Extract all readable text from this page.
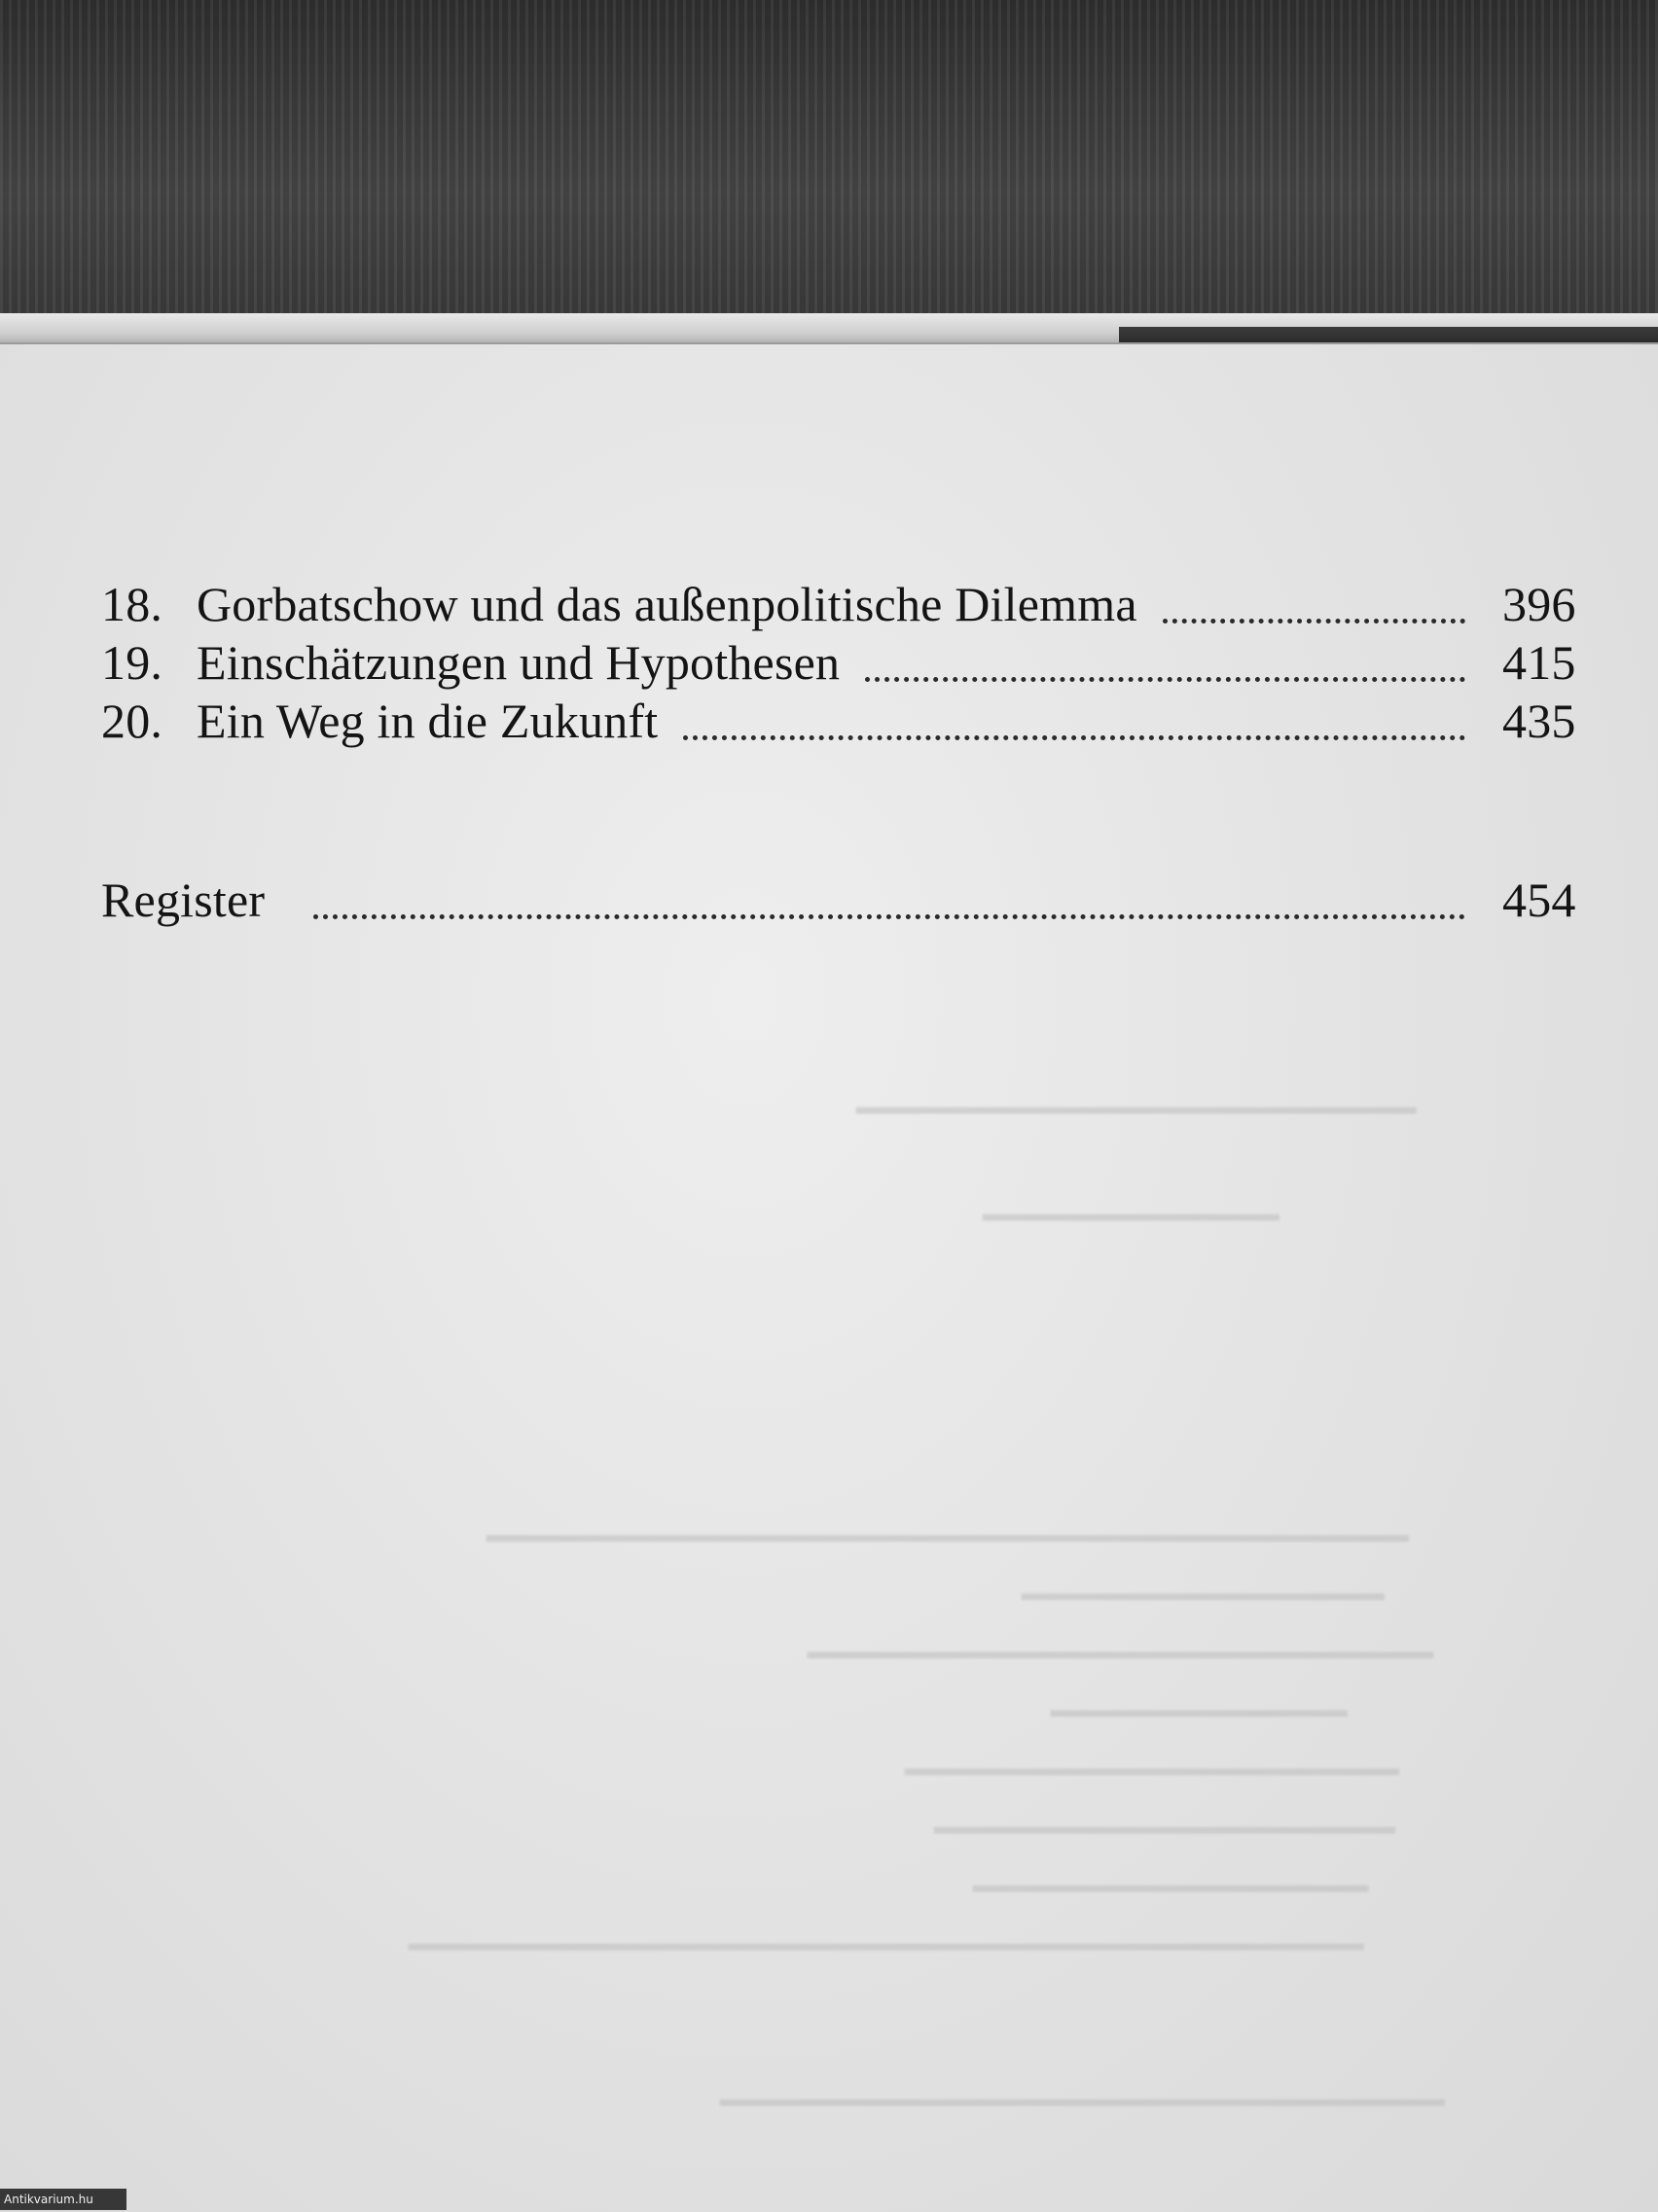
▁▁▁▁▁▁▁▁▁▁▁▁▁▁▁▁▁
▁▁▁▁▁▁▁▁▁
▁▁▁▁▁▁▁▁▁▁▁▁▁▁▁▁▁▁▁▁▁▁▁▁▁▁▁▁
▁▁▁▁▁▁▁▁▁▁▁
▁▁▁▁▁▁▁▁▁▁▁▁▁▁▁▁▁▁▁
▁▁▁▁▁▁▁▁▁
▁▁▁▁▁▁▁▁▁▁▁▁▁▁▁
▁▁▁▁▁▁▁▁▁▁▁▁▁▁
▁▁▁▁▁▁▁▁▁▁▁▁
▁▁▁▁▁▁▁▁▁▁▁▁▁▁▁▁▁▁▁▁▁▁▁▁▁▁▁▁▁
▁▁▁▁▁▁▁▁▁▁▁▁▁▁▁▁▁▁▁▁▁▁
18. Gorbatschow und das außenpolitische Dilemma	396
19. Einschätzungen und Hypothesen	415
20. Ein Weg in die Zukunft	435
Register	454
Antikvarium.hu
